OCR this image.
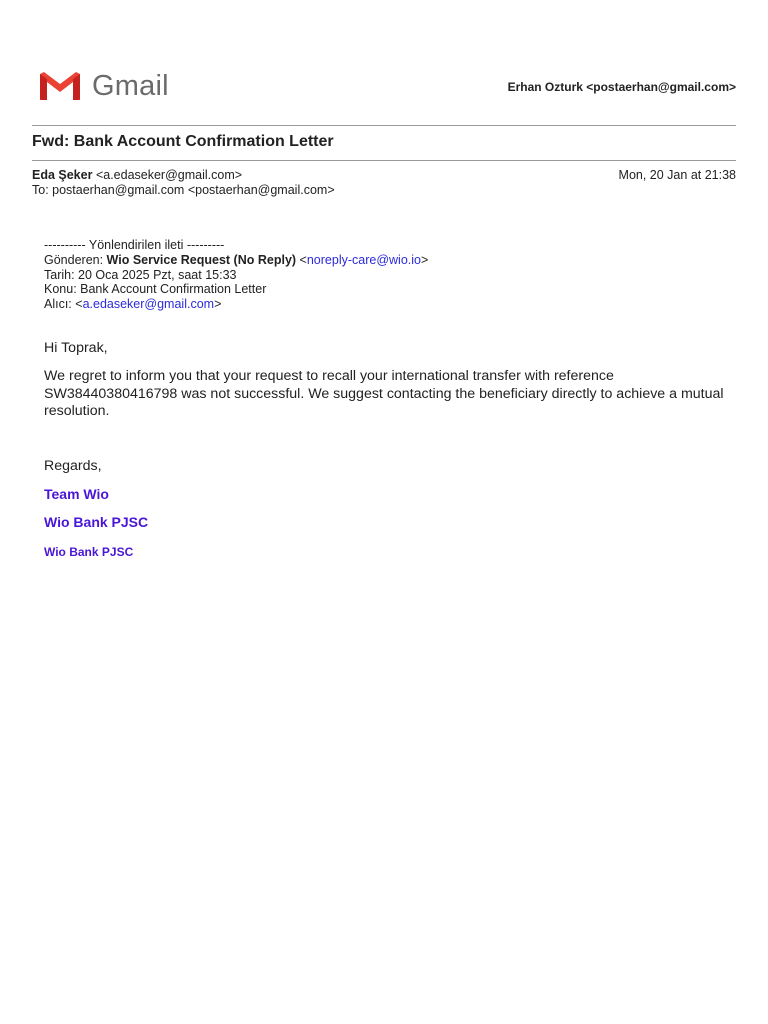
Gmail	Erhan Ozturk <postaerhan@gmail.com>
Fwd: Bank Account Confirmation Letter
Eda Şeker <a.edaseker@gmail.com>
To: postaerhan@gmail.com <postaerhan@gmail.com>
Mon, 20 Jan at 21:38
---------- Yönlendirilen ileti ---------
Gönderen: Wio Service Request (No Reply) <noreply-care@wio.io>
Tarih: 20 Oca 2025 Pzt, saat 15:33
Konu: Bank Account Confirmation Letter
Alıcı: <a.edaseker@gmail.com>
Hi Toprak,
We regret to inform you that your request to recall your international transfer with reference SW38440380416798 was not successful. We suggest contacting the beneficiary directly to achieve a mutual resolution.
Regards,
Team Wio
Wio Bank PJSC
Wio Bank PJSC
